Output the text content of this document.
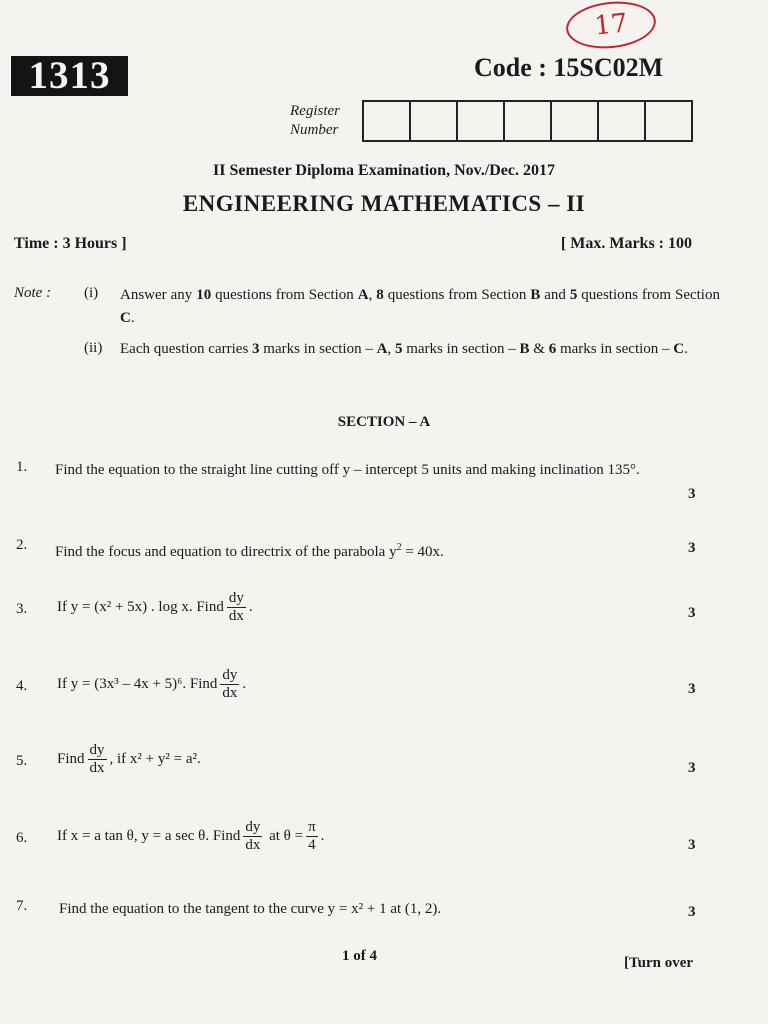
17
1313	Code : 15SC02M
Register
Number
II Semester Diploma Examination, Nov./Dec. 2017
ENGINEERING MATHEMATICS – II
Time : 3 Hours ]	[ Max. Marks : 100
Note : (i) Answer any 10 questions from Section A, 8 questions from Section B and 5 questions from Section C.
(ii) Each question carries 3 marks in section – A, 5 marks in section – B & 6 marks in section – C.
SECTION – A
1. Find the equation to the straight line cutting off y – intercept 5 units and making inclination 135°.
3
2. Find the focus and equation to directrix of the parabola $y^2 = 40x$.	3
3. If y = (x² + 5x) . log x. Find $\frac{dy}{dx}$ .	3
4. If y = (3x³ – 4x + 5)⁶. Find $\frac{dy}{dx}$ .	3
5. Find $\frac{dy}{dx}$ , if x² + y² = a².
3
6. If x = a tan θ, y = a sec θ. Find $\frac{dy}{dx}$ at $\theta = \frac{\pi}{4}$ .
3
7. Find the equation to the tangent to the curve y = x² + 1 at (1, 2).	3
1 of 4	[Turn over
